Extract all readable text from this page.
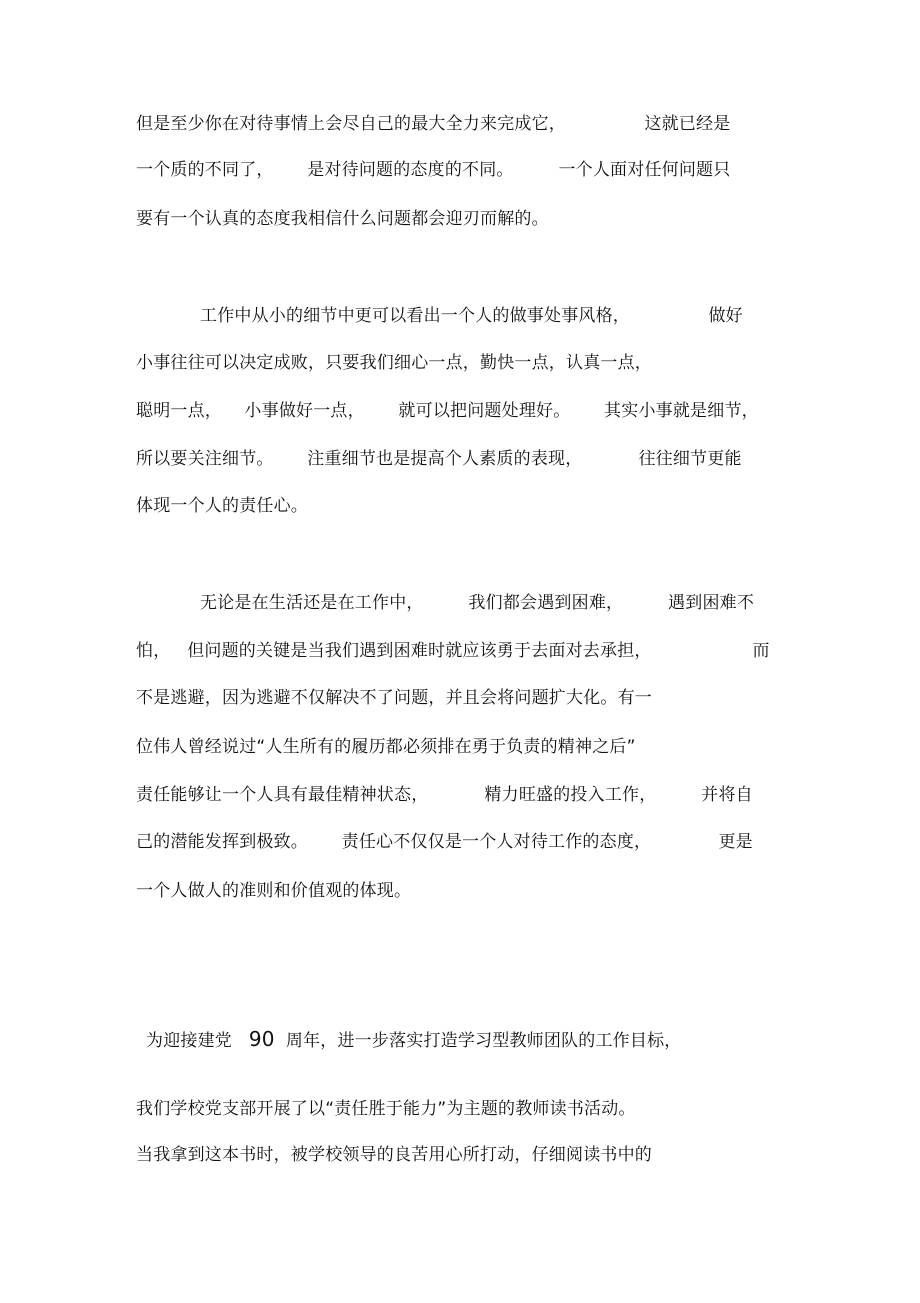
但是至少你在对待事情上会尽自己的最大全力来完成它，              这就已经是
一个质的不同了，      是对待问题的态度的不同。        一个人面对任何问题只
要有一个认真的态度我相信什么问题都会迎刃而解的。
工作中从小的细节中更可以看出一个人的做事处事风格，              做好
小事往往可以决定成败，只要我们细心一点，勤快一点，认真一点，
聪明一点，    小事做好一点，      就可以把问题处理好。      其实小事就是细节，
所以要关注细节。      注重细节也是提高个人素质的表现，          往往细节更能
体现一个人的责任心。
无论是在生活还是在工作中，        我们都会遇到困难，        遇到困难不
怕，   但问题的关键是当我们遇到困难时就应该勇于去面对去承担，                  而
不是逃避，因为逃避不仅解决不了问题，并且会将问题扩大化。有一
位伟人曾经说过“人生所有的履历都必须排在勇于负责的精神之后”
责任能够让一个人具有最佳精神状态，          精力旺盛的投入工作，        并将自
己的潜能发挥到极致。      责任心不仅仅是一个人对待工作的态度，            更是
一个人做人的准则和价值观的体现。
为迎接建党   90  周年，进一步落实打造学习型教师团队的工作目标，
我们学校党支部开展了以“责任胜于能力”为主题的教师读书活动。
当我拿到这本书时，被学校领导的良苦用心所打动，仔细阅读书中的
